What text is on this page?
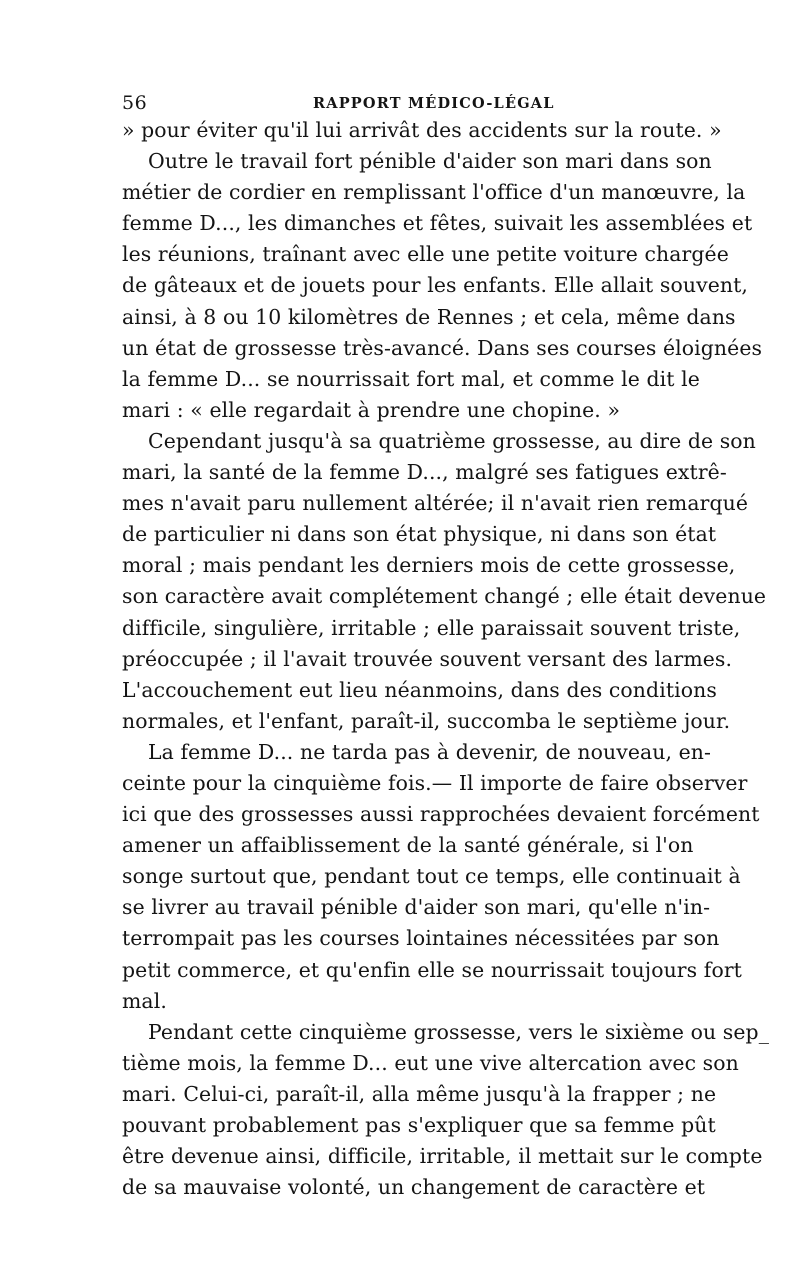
56	RAPPORT MÉDICO-LÉGAL
» pour éviter qu'il lui arrivât des accidents sur la route. »
Outre le travail fort pénible d'aider son mari dans son
métier de cordier en remplissant l'office d'un manœuvre, la
femme D..., les dimanches et fêtes, suivait les assemblées et
les réunions, traînant avec elle une petite voiture chargée
de gâteaux et de jouets pour les enfants. Elle allait souvent,
ainsi, à 8 ou 10 kilomètres de Rennes ; et cela, même dans
un état de grossesse très-avancé. Dans ses courses éloignées
la femme D... se nourrissait fort mal, et comme le dit le
mari : « elle regardait à prendre une chopine. »
Cependant jusqu'à sa quatrième grossesse, au dire de son
mari, la santé de la femme D..., malgré ses fatigues extrê-
mes n'avait paru nullement altérée; il n'avait rien remarqué
de particulier ni dans son état physique, ni dans son état
moral ; mais pendant les derniers mois de cette grossesse,
son caractère avait complétement changé ; elle était devenue
difficile, singulière, irritable ; elle paraissait souvent triste,
préoccupée ; il l'avait trouvée souvent versant des larmes.
L'accouchement eut lieu néanmoins, dans des conditions
normales, et l'enfant, paraît-il, succomba le septième jour.
La femme D... ne tarda pas à devenir, de nouveau, en-
ceinte pour la cinquième fois.— Il importe de faire observer
ici que des grossesses aussi rapprochées devaient forcément
amener un affaiblissement de la santé générale, si l'on
songe surtout que, pendant tout ce temps, elle continuait à
se livrer au travail pénible d'aider son mari, qu'elle n'in-
terrompait pas les courses lointaines nécessitées par son
petit commerce, et qu'enfin elle se nourrissait toujours fort
mal.
Pendant cette cinquième grossesse, vers le sixième ou sep_
tième mois, la femme D... eut une vive altercation avec son
mari. Celui-ci, paraît-il, alla même jusqu'à la frapper ; ne
pouvant probablement pas s'expliquer que sa femme pût
être devenue ainsi, difficile, irritable, il mettait sur le compte
de sa mauvaise volonté, un changement de caractère et
